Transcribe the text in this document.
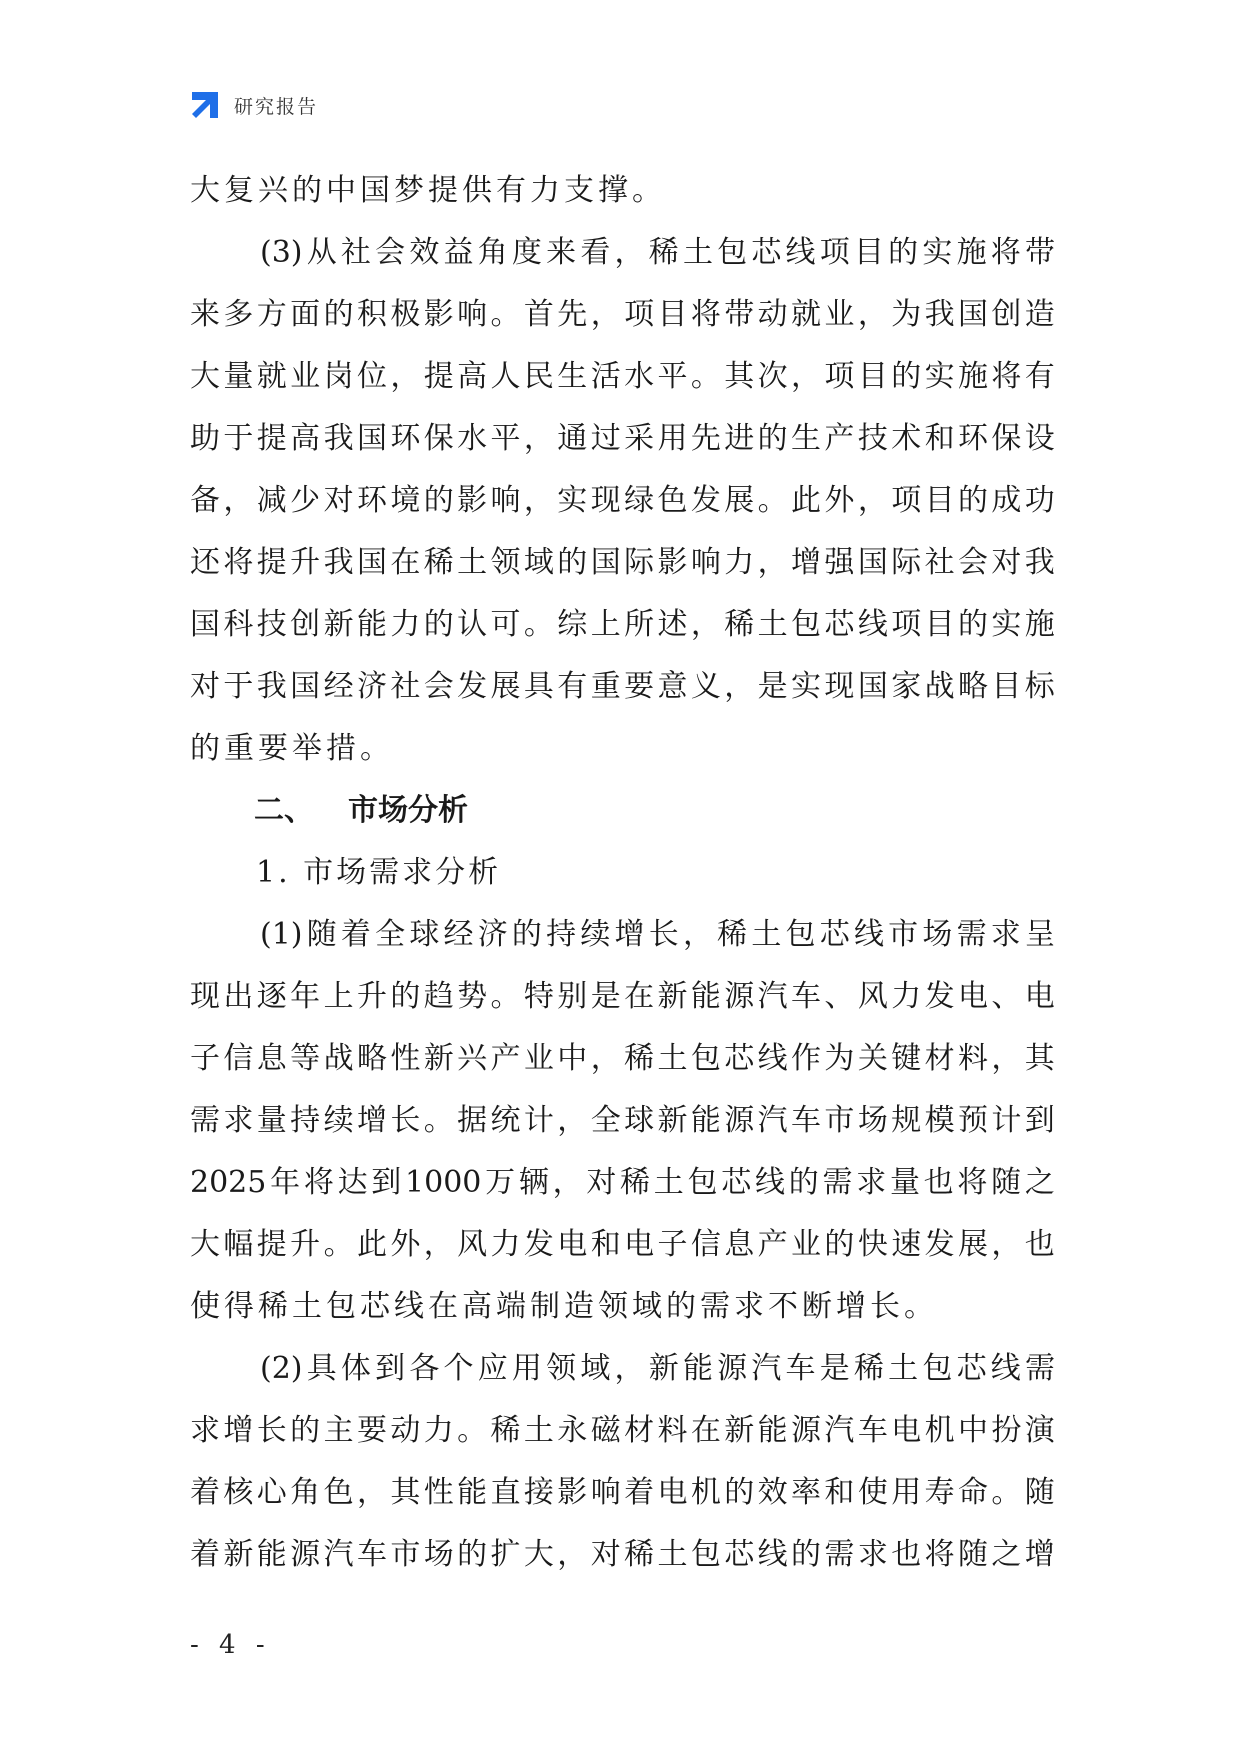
研究报告
大复兴的中国梦提供有力支撑。
(3) 从 社 会 效 益 角 度 来 看 ， 稀 土 包 芯 线 项 目 的 实 施 将 带
来 多 方 面 的 积 极 影 响 。 首 先 ， 项 目 将 带 动 就 业 ， 为 我 国 创 造
大 量 就 业 岗 位 ， 提 高 人 民 生 活 水 平 。 其 次 ， 项 目 的 实 施 将 有
助 于 提 高 我 国 环 保 水 平 ， 通 过 采 用 先 进 的 生 产 技 术 和 环 保 设
备 ， 减 少 对 环 境 的 影 响 ， 实 现 绿 色 发 展 。 此 外 ， 项 目 的 成 功
还 将 提 升 我 国 在 稀 土 领 域 的 国 际 影 响 力 ， 增 强 国 际 社 会 对 我
国 科 技 创 新 能 力 的 认 可 。 综 上 所 述 ， 稀 土 包 芯 线 项 目 的 实 施
对 于 我 国 经 济 社 会 发 展 具 有 重 要 意 义 ， 是 实 现 国 家 战 略 目 标
的重要举措。
二、 市场分析
1. 市场需求分析
(1) 随 着 全 球 经 济 的 持 续 增 长 ， 稀 土 包 芯 线 市 场 需 求 呈
现 出 逐 年 上 升 的 趋 势 。 特 别 是 在 新 能 源 汽 车 、 风 力 发 电 、 电
子 信 息 等 战 略 性 新 兴 产 业 中 ， 稀 土 包 芯 线 作 为 关 键 材 料 ， 其
需 求 量 持 续 增 长 。 据 统 计 ， 全 球 新 能 源 汽 车 市 场 规 模 预 计 到
2025 年 将 达 到 1000 万 辆 ， 对 稀 土 包 芯 线 的 需 求 量 也 将 随 之
大 幅 提 升 。 此 外 ， 风 力 发 电 和 电 子 信 息 产 业 的 快 速 发 展 ， 也
使得稀土包芯线在高端制造领域的需求不断增长。
(2) 具 体 到 各 个 应 用 领 域 ， 新 能 源 汽 车 是 稀 土 包 芯 线 需
求 增 长 的 主 要 动 力 。 稀 土 永 磁 材 料 在 新 能 源 汽 车 电 机 中 扮 演
着 核 心 角 色 ， 其 性 能 直 接 影 响 着 电 机 的 效 率 和 使 用 寿 命 。 随
着 新 能 源 汽 车 市 场 的 扩 大 ， 对 稀 土 包 芯 线 的 需 求 也 将 随 之 增
- 4 -
